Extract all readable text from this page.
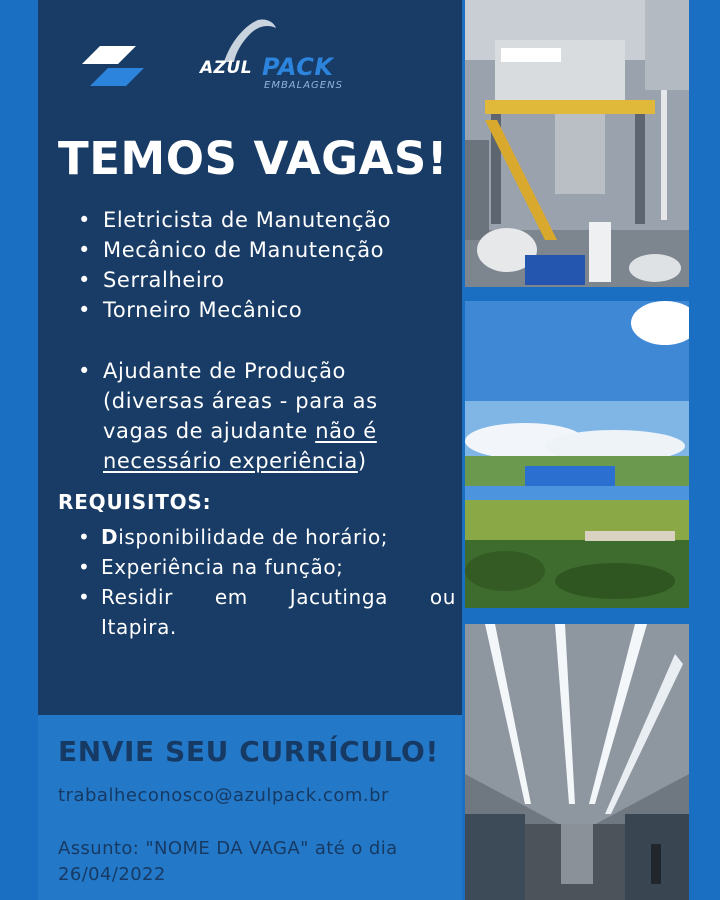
AZUL PACK
EMBALAGENS
TEMOS VAGAS!
• Eletricista de Manutenção
• Mecânico de Manutenção
• Serralheiro
• Torneiro Mecânico
• Ajudante de Produção
(diversas áreas - para as
vagas de ajudante não é
necessário experiência)
REQUISITOS:
• Disponibilidade de horário;
• Experiência na função;
• Residir em Jacutinga ou
Itapira.
ENVIE SEU CURRÍCULO!
trabalheconosco@azulpack.com.br
Assunto: "NOME DA VAGA" até o dia
26/04/2022
